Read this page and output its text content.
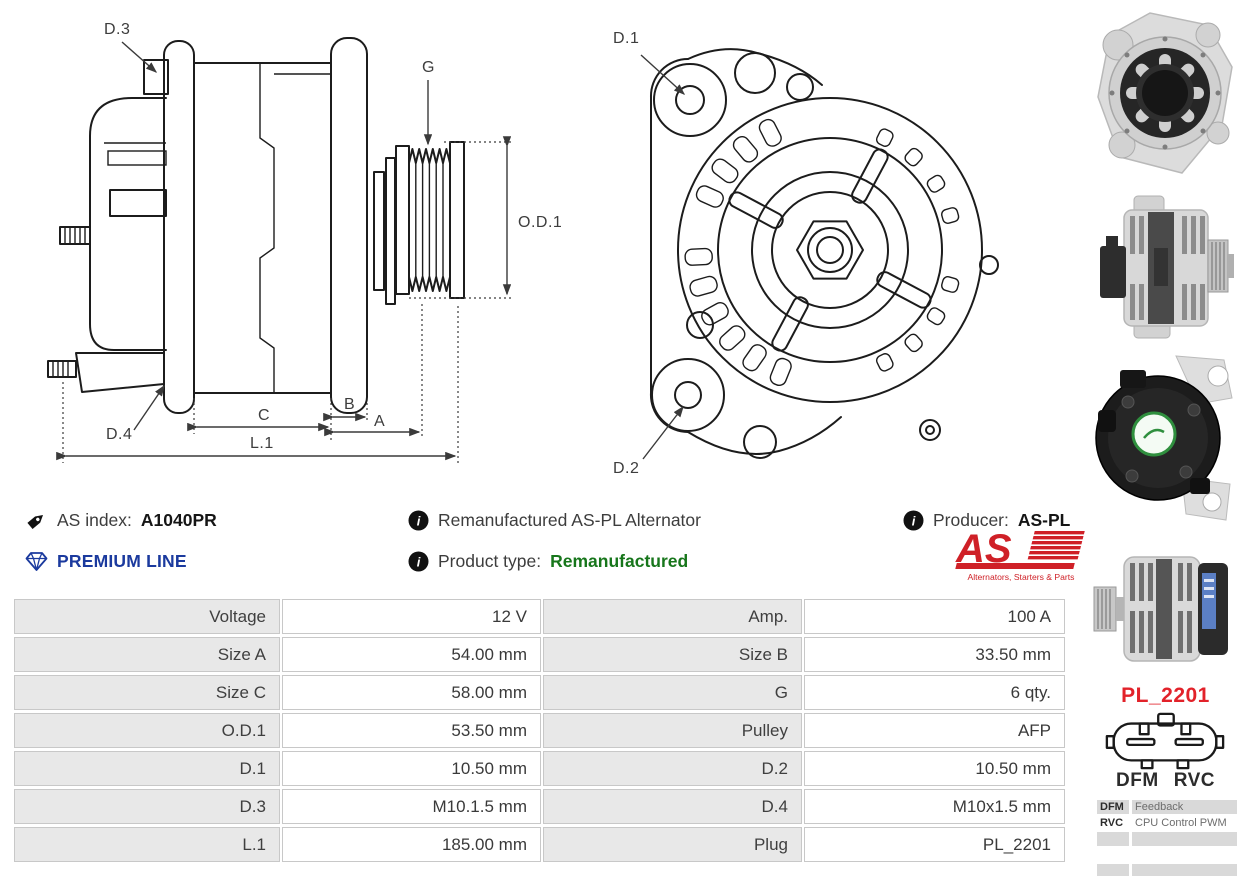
D.3
G
O.D.1
D.4
C
B
A
L.1
D.1
D.2
AS index: A1040PR	i Remanufactured AS-PL Alternator	i Producer: AS-PL
PREMIUM LINE	i Product type: Remanufactured	AS
Alternators, Starters & Parts
Voltage	12 V	Amp.	100 A
Size A	54.00 mm	Size B	33.50 mm
Size C	58.00 mm	G	6 qty.
O.D.1	53.50 mm	Pulley	AFP
D.1	10.50 mm	D.2	10.50 mm
D.3	M10.1.5 mm	D.4	M10x1.5 mm
L.1	185.00 mm	Plug	PL_2201
PL_2201
DFM RVC
DFM	Feedback
RVC	CPU Control PWM
